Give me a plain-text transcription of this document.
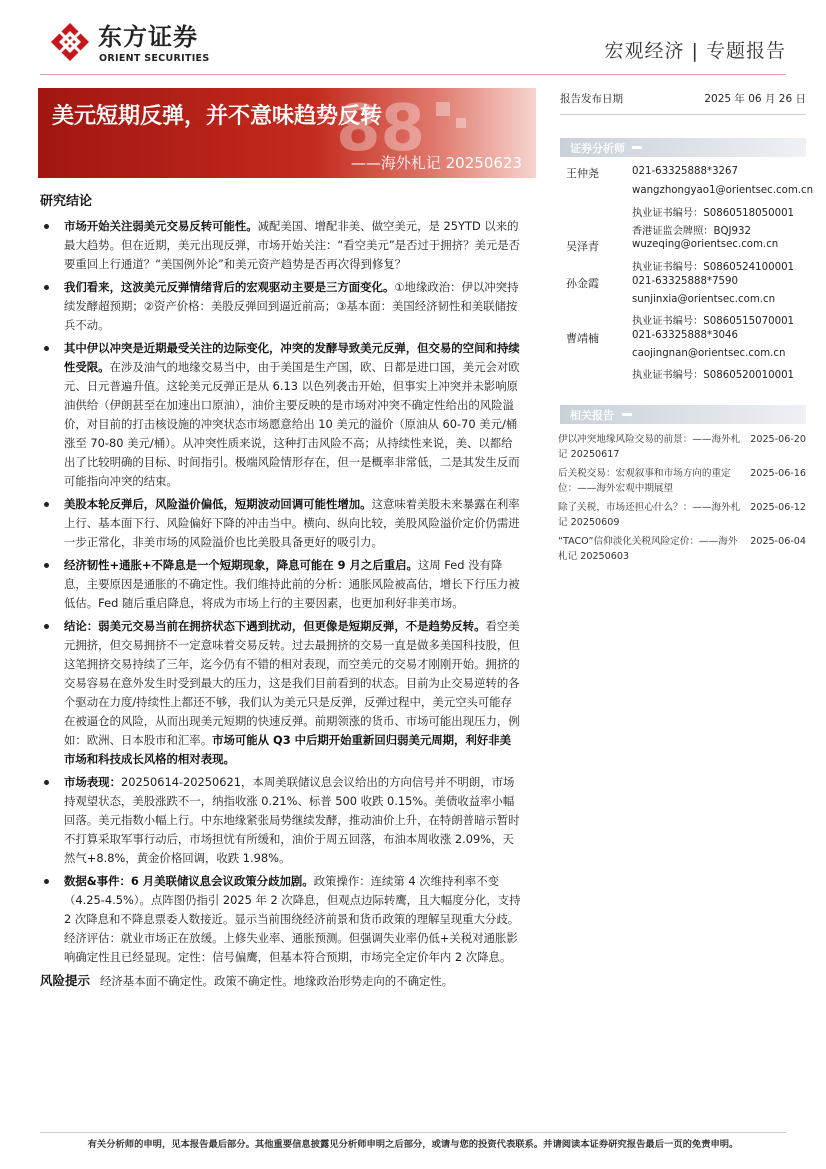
东方证券
ORIENT SECURITIES	宏观经济 | 专题报告
88
美元短期反弹，并不意味趋势反转
——海外札记 20250623
报告发布日期	2025 年 06 月 26 日
证券分析师
王仲尧	021-63325888*3267
wangzhongyao1@orientsec.com.cn
执业证书编号：S0860518050001
香港证监会牌照：BQJ932
吴泽青	wuzeqing@orientsec.com.cn
执业证书编号：S0860524100001
孙金霞	021-63325888*7590
sunjinxia@orientsec.com.cn
执业证书编号：S0860515070001
曹靖楠	021-63325888*3046
caojingnan@orientsec.com.cn
执业证书编号：S0860520010001
相关报告
伊以冲突地缘风险交易的前景：——海外札记 20250617
2025-06-20
后关税交易：宏观叙事和市场方向的重定位：——海外宏观中期展望
2025-06-16
除了关税，市场还担心什么？：——海外札记 20250609
2025-06-12
“TACO”信仰淡化关税风险定价：——海外札记 20250603
2025-06-04
研究结论
市场开始关注弱美元交易反转可能性。减配美国、增配非美、做空美元，是 25YTD 以来的最大趋势。但在近期，美元出现反弹，市场开始关注：“看空美元”是否过于拥挤？美元是否要重回上行通道？“美国例外论”和美元资产趋势是否再次得到修复？
我们看来，这波美元反弹情绪背后的宏观驱动主要是三方面变化。①地缘政治：伊以冲突持续发酵超预期；②资产价格：美股反弹回到逼近前高；③基本面：美国经济韧性和美联储按兵不动。
其中伊以冲突是近期最受关注的边际变化，冲突的发酵导致美元反弹，但交易的空间和持续性受限。在涉及油气的地缘交易当中，由于美国是生产国，欧、日都是进口国，美元会对欧元、日元普遍升值。这轮美元反弹正是从 6.13 以色列袭击开始，但事实上冲突并未影响原油供给（伊朗甚至在加速出口原油），油价主要反映的是市场对冲突不确定性给出的风险溢价，对目前的打击核设施的冲突状态市场愿意给出 10 美元的溢价（原油从 60-70 美元/桶涨至 70-80 美元/桶）。从冲突性质来说，这种打击风险不高；从持续性来说，美、以都给出了比较明确的目标、时间指引。极端风险情形存在，但一是概率非常低，二是其发生反而可能指向冲突的结束。
美股本轮反弹后，风险溢价偏低，短期波动回调可能性增加。这意味着美股未来暴露在利率上行、基本面下行、风险偏好下降的冲击当中。横向、纵向比较，美股风险溢价定价仍需进一步正常化，非美市场的风险溢价也比美股具备更好的吸引力。
经济韧性+通胀+不降息是一个短期现象，降息可能在 9 月之后重启。这周 Fed 没有降息，主要原因是通胀的不确定性。我们维持此前的分析：通胀风险被高估，增长下行压力被低估。Fed 随后重启降息，将成为市场上行的主要因素，也更加利好非美市场。
结论：弱美元交易当前在拥挤状态下遇到扰动，但更像是短期反弹，不是趋势反转。看空美元拥挤，但交易拥挤不一定意味着交易反转。过去最拥挤的交易一直是做多美国科技股，但这笔拥挤交易持续了三年，迄今仍有不错的相对表现，而空美元的交易才刚刚开始。拥挤的交易容易在意外发生时受到最大的压力，这是我们目前看到的状态。目前为止交易逆转的各个驱动在力度/持续性上都还不够，我们认为美元只是反弹，反弹过程中，美元空头可能存在被逼仓的风险，从而出现美元短期的快速反弹。前期领涨的货币、市场可能出现压力，例如：欧洲、日本股市和汇率。市场可能从 Q3 中后期开始重新回归弱美元周期，利好非美市场和科技成长风格的相对表现。
市场表现：20250614-20250621，本周美联储议息会议给出的方向信号并不明朗，市场持观望状态，美股涨跌不一，纳指收涨 0.21%、标普 500 收跌 0.15%。美债收益率小幅回落。美元指数小幅上行。中东地缘紧张局势继续发酵，推动油价上升，在特朗普暗示暂时不打算采取军事行动后，市场担忧有所缓和，油价于周五回落，布油本周收涨 2.09%，天然气+8.8%，黄金价格回调，收跌 1.98%。
数据&事件：6 月美联储议息会议政策分歧加剧。政策操作：连续第 4 次维持利率不变（4.25-4.5%）。点阵图仍指引 2025 年 2 次降息，但观点边际转鹰，且大幅度分化，支持 2 次降息和不降息票委人数接近。显示当前围绕经济前景和货币政策的理解呈现重大分歧。经济评估：就业市场正在放缓。上修失业率、通胀预测。但强调失业率仍低+关税对通胀影响确定性且已经显现。定性：信号偏鹰，但基本符合预期，市场完全定价年内 2 次降息。
风险提示 经济基本面不确定性。政策不确定性。地缘政治形势走向的不确定性。
有关分析师的申明，见本报告最后部分。其他重要信息披露见分析师申明之后部分，或请与您的投资代表联系。并请阅读本证券研究报告最后一页的免责申明。
